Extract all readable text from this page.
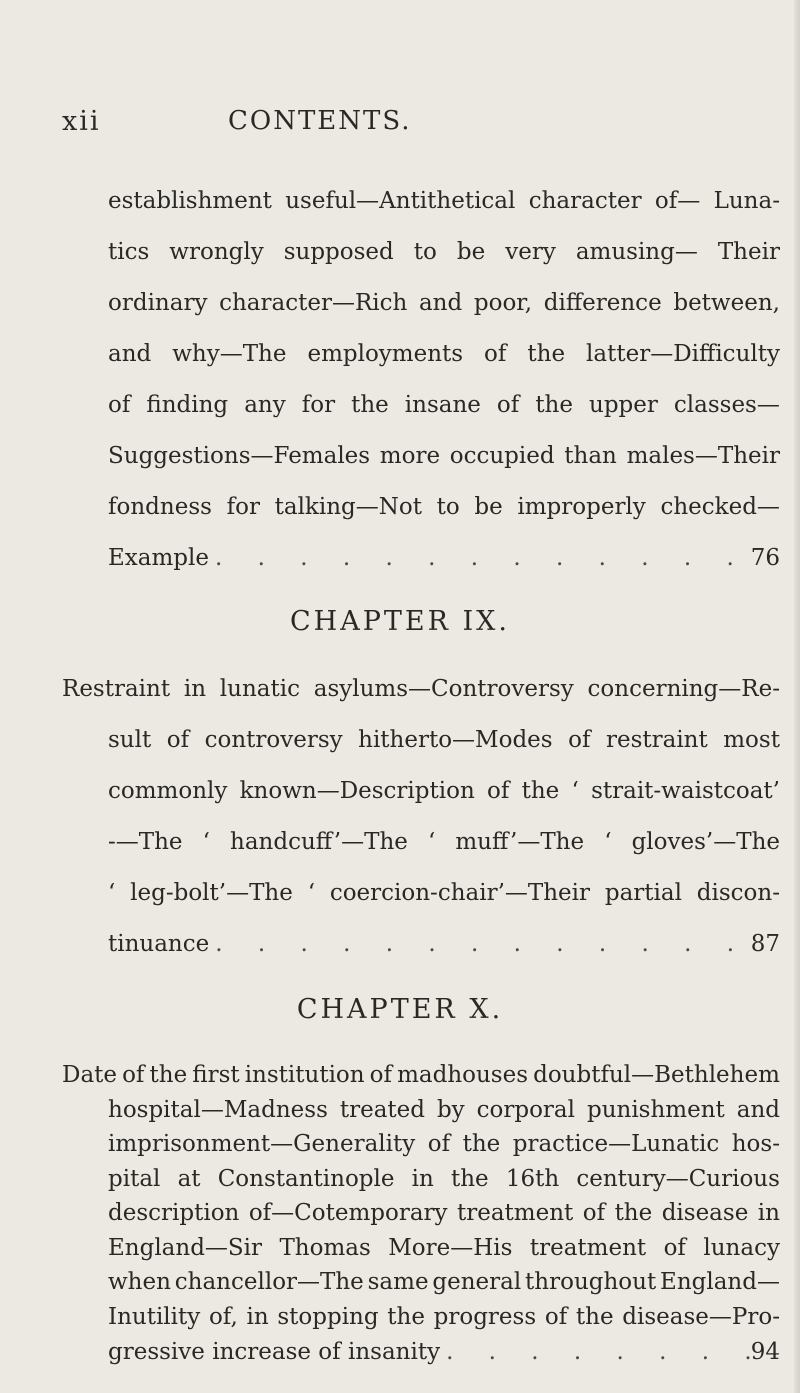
xii	CONTENTS.
establishment useful—Antithetical character of— Luna-
tics wrongly supposed to be very amusing— Their
ordinary character—Rich and poor, difference between,
and why—The employments of the latter—Difficulty
of finding any for the insane of the upper classes—
Suggestions—Females more occupied than males—Their
fondness for talking—Not to be improperly checked—
Example . . .	76
CHAPTER IX.
Restraint in lunatic asylums—Controversy concerning—Re-
sult of controversy hitherto—Modes of restraint most
commonly known—Description of the ‘ strait-waistcoat’
-—The ‘ handcuff’—The ‘ muff’—The ‘ gloves’—The
‘ leg-bolt’—The ‘ coercion-chair’—Their partial discon-
tinuance . . .	87
CHAPTER X.
Date of the first institution of madhouses doubtful—Bethlehem
hospital—Madness treated by corporal punishment and
imprisonment—Generality of the practice—Lunatic hos-
pital at Constantinople in the 16th century—Curious
description of—Cotemporary treatment of the disease in
England—Sir Thomas More—His treatment of lunacy
when chancellor—The same general throughout England—
Inutility of, in stopping the progress of the disease—Pro-
gressive increase of insanity . . .	94
